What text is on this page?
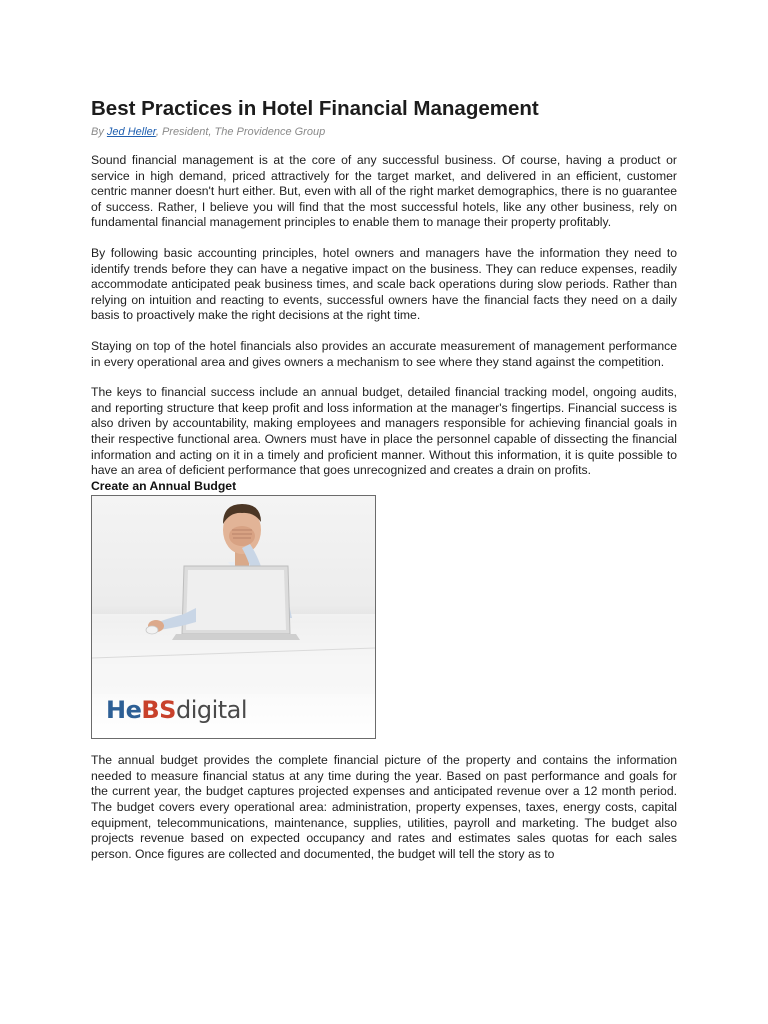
Best Practices in Hotel Financial Management

By Jed Heller, President, The Providence Group

Sound financial management is at the core of any successful business. Of course, having a product or service in high demand, priced attractively for the target market, and delivered in an efficient, customer centric manner doesn't hurt either. But, even with all of the right market demographics, there is no guarantee of success. Rather, I believe you will find that the most successful hotels, like any other business, rely on fundamental financial management principles to enable them to manage their property profitably.

By following basic accounting principles, hotel owners and managers have the information they need to identify trends before they can have a negative impact on the business. They can reduce expenses, readily accommodate anticipated peak business times, and scale back operations during slow periods. Rather than relying on intuition and reacting to events, successful owners have the financial facts they need on a daily basis to proactively make the right decisions at the right time.

Staying on top of the hotel financials also provides an accurate measurement of management performance in every operational area and gives owners a mechanism to see where they stand against the competition.

The keys to financial success include an annual budget, detailed financial tracking model, ongoing audits, and reporting structure that keep profit and loss information at the manager's fingertips. Financial success is also driven by accountability, making employees and managers responsible for achieving financial goals in their respective functional area. Owners must have in place the personnel capable of dissecting the financial information and acting on it in a timely and proficient manner. Without this information, it is quite possible to have an area of deficient performance that goes unrecognized and creates a drain on profits.

Create an Annual Budget

HeBSdigital

The annual budget provides the complete financial picture of the property and contains the information needed to measure financial status at any time during the year. Based on past performance and goals for the current year, the budget captures projected expenses and anticipated revenue over a 12 month period. The budget covers every operational area: administration, property expenses, taxes, energy costs, capital equipment, telecommunications, maintenance, supplies, utilities, payroll and marketing. The budget also projects revenue based on expected occupancy and rates and estimates sales quotas for each sales person. Once figures are collected and documented, the budget will tell the story as to
